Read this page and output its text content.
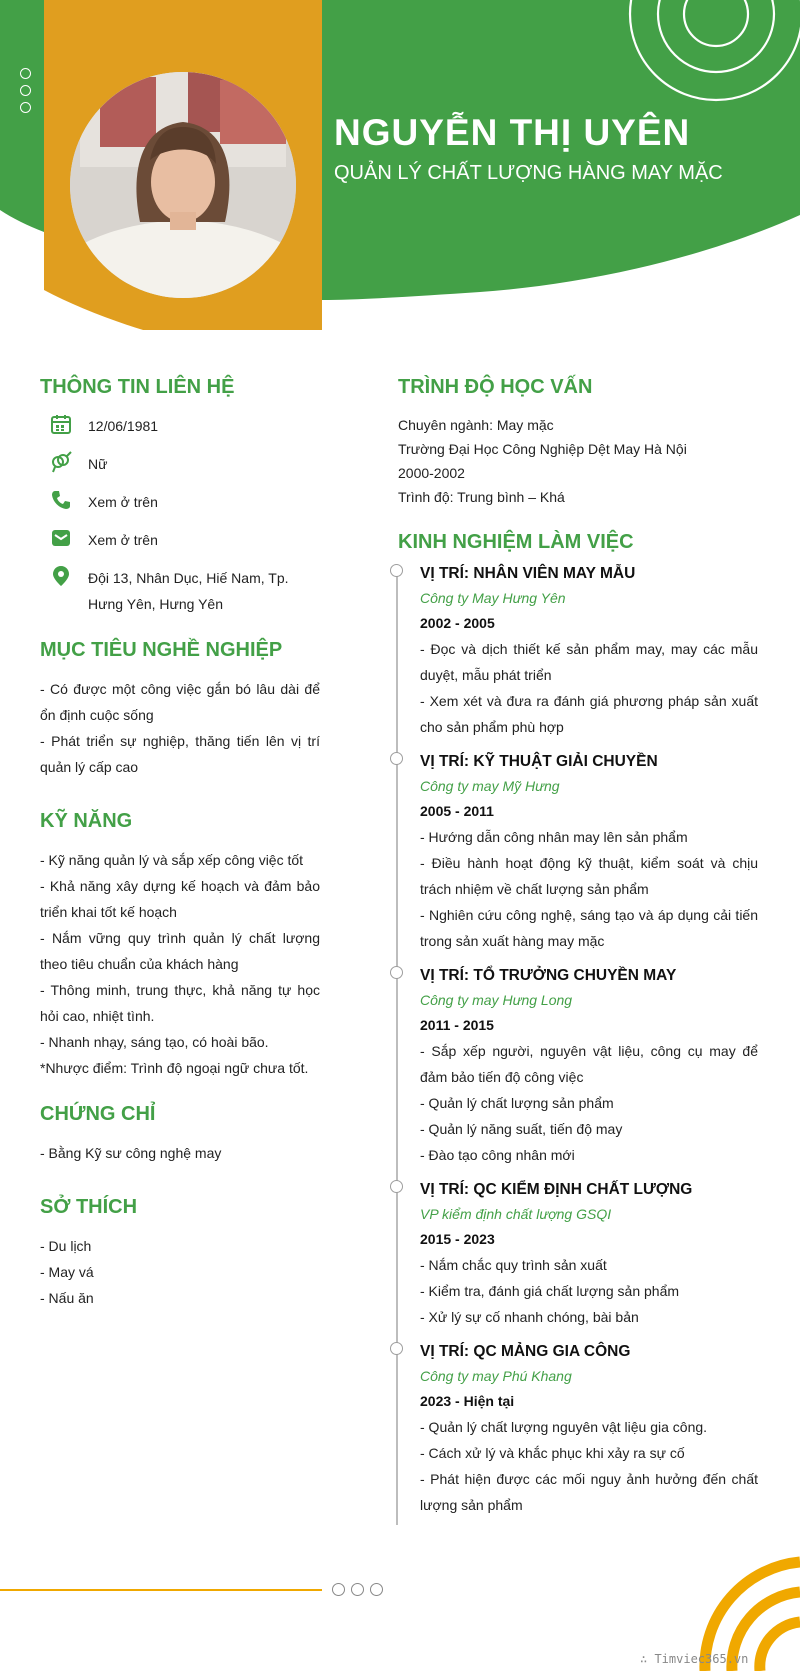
NGUYỄN THỊ UYÊN
QUẢN LÝ CHẤT LƯỢNG HÀNG MAY MẶC
THÔNG TIN LIÊN HỆ
12/06/1981
Nữ
Xem ở trên
Xem ở trên
Đội 13, Nhân Dục, Hiế Nam, Tp. Hưng Yên, Hưng Yên
MỤC TIÊU NGHỀ NGHIỆP
- Có được một công việc gắn bó lâu dài để ổn định cuộc sống
- Phát triển sự nghiệp, thăng tiến lên vị trí quản lý cấp cao
KỸ NĂNG
- Kỹ năng quản lý và sắp xếp công việc tốt
- Khả năng xây dựng kế hoạch và đảm bảo triển khai tốt kế hoạch
- Nắm vững quy trình quản lý chất lượng theo tiêu chuẩn của khách hàng
- Thông minh, trung thực, khả năng tự học hỏi cao, nhiệt tình.
- Nhanh nhạy, sáng tạo, có hoài bão.
*Nhược điểm: Trình độ ngoại ngữ chưa tốt.
CHỨNG CHỈ
- Bằng Kỹ sư công nghệ may
SỞ THÍCH
- Du lịch
- May vá
- Nấu ăn
TRÌNH ĐỘ HỌC VẤN
Chuyên ngành: May mặc
Trường Đại Học Công Nghiệp Dệt May Hà Nội
2000-2002
Trình độ: Trung bình – Khá
KINH NGHIỆM LÀM VIỆC
VỊ TRÍ: NHÂN VIÊN MAY MẪU
Công ty May Hưng Yên
2002 - 2005
- Đọc và dịch thiết kế sản phẩm may, may các mẫu duyệt, mẫu phát triển
- Xem xét và đưa ra đánh giá phương pháp sản xuất cho sản phẩm phù hợp
VỊ TRÍ: KỸ THUẬT GIẢI CHUYỀN
Công ty may Mỹ Hưng
2005 - 2011
- Hướng dẫn công nhân may lên sản phẩm
- Điều hành hoạt động kỹ thuật, kiểm soát và chịu trách nhiệm về chất lượng sản phẩm
- Nghiên cứu công nghệ, sáng tạo và áp dụng cải tiến trong sản xuất hàng may mặc
VỊ TRÍ: TỔ TRƯỞNG CHUYỀN MAY
Công ty may Hưng Long
2011 - 2015
- Sắp xếp người, nguyên vật liệu, công cụ may để đảm bảo tiến độ công việc
- Quản lý chất lượng sản phẩm
- Quản lý năng suất, tiến độ may
- Đào tạo công nhân mới
VỊ TRÍ: QC KIỂM ĐỊNH CHẤT LƯỢNG
VP kiểm định chất lượng GSQI
2015 - 2023
- Nắm chắc quy trình sản xuất
- Kiểm tra, đánh giá chất lượng sản phẩm
- Xử lý sự cố nhanh chóng, bài bản
VỊ TRÍ: QC MẢNG GIA CÔNG
Công ty may Phú Khang
2023 - Hiện tại
- Quản lý chất lượng nguyên vật liệu gia công.
- Cách xử lý và khắc phục khi xảy ra sự cố
- Phát hiện được các mối nguy ảnh hưởng đến chất lượng sản phẩm
∴ Timviec365.vn
